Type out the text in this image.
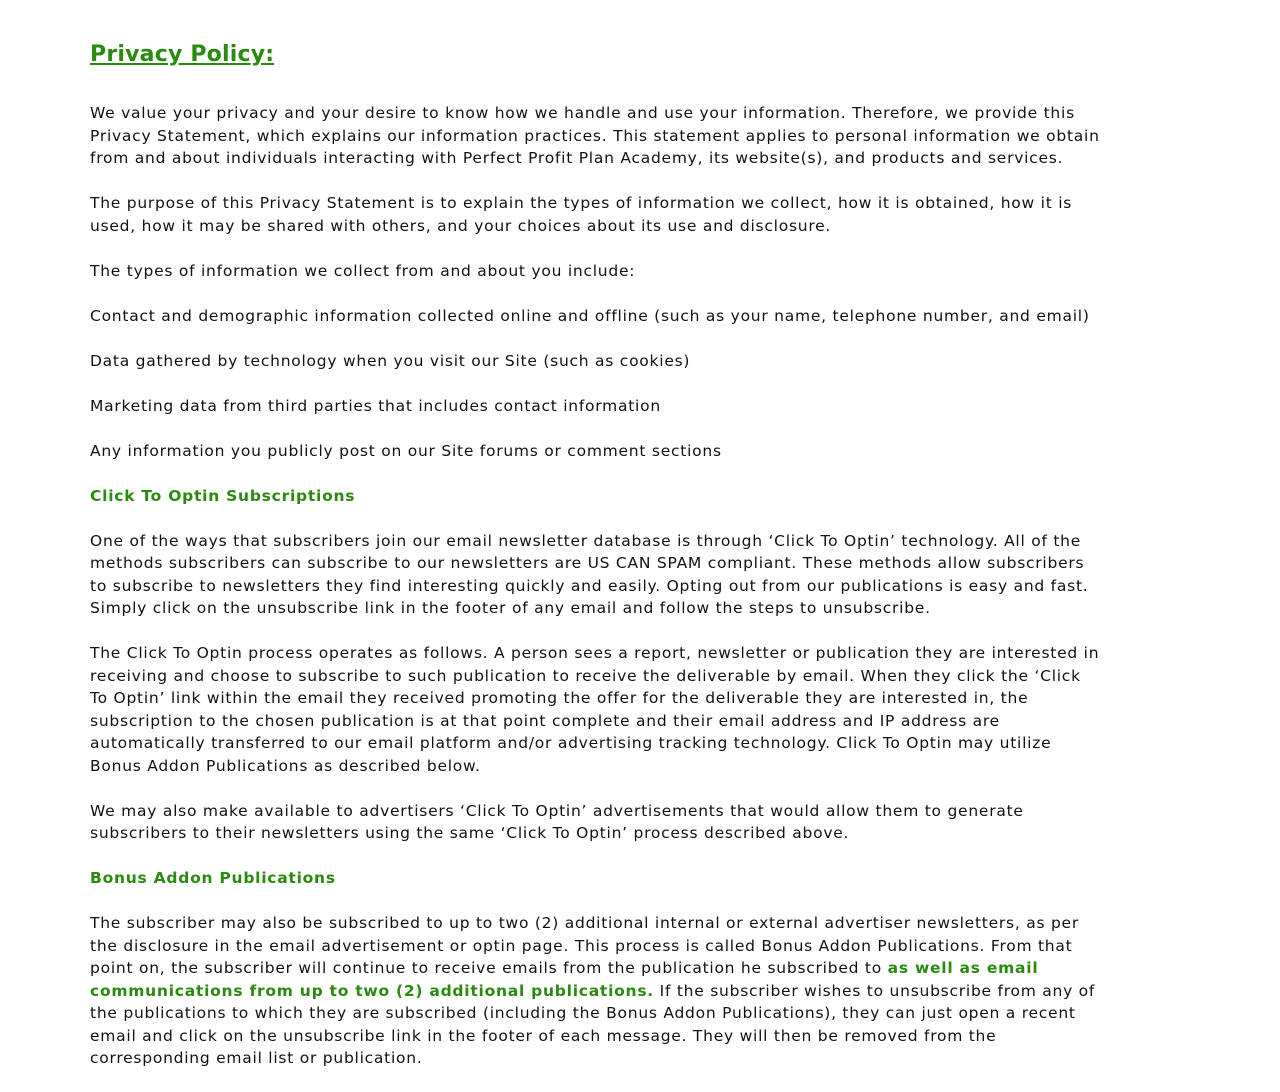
Privacy Policy:

We value your privacy and your desire to know how we handle and use your information. Therefore, we provide this Privacy Statement, which explains our information practices. This statement applies to personal information we obtain from and about individuals interacting with Perfect Profit Plan Academy, its website(s), and products and services.

The purpose of this Privacy Statement is to explain the types of information we collect, how it is obtained, how it is used, how it may be shared with others, and your choices about its use and disclosure.

The types of information we collect from and about you include:

Contact and demographic information collected online and offline (such as your name, telephone number, and email)

Data gathered by technology when you visit our Site (such as cookies)

Marketing data from third parties that includes contact information

Any information you publicly post on our Site forums or comment sections

Click To Optin Subscriptions

One of the ways that subscribers join our email newsletter database is through ‘Click To Optin’ technology. All of the methods subscribers can subscribe to our newsletters are US CAN SPAM compliant. These methods allow subscribers to subscribe to newsletters they find interesting quickly and easily. Opting out from our publications is easy and fast. Simply click on the unsubscribe link in the footer of any email and follow the steps to unsubscribe.

The Click To Optin process operates as follows. A person sees a report, newsletter or publication they are interested in receiving and choose to subscribe to such publication to receive the deliverable by email. When they click the ‘Click To Optin’ link within the email they received promoting the offer for the deliverable they are interested in, the subscription to the chosen publication is at that point complete and their email address and IP address are automatically transferred to our email platform and/or advertising tracking technology. Click To Optin may utilize Bonus Addon Publications as described below.

We may also make available to advertisers ‘Click To Optin’ advertisements that would allow them to generate subscribers to their newsletters using the same ‘Click To Optin’ process described above.

Bonus Addon Publications

The subscriber may also be subscribed to up to two (2) additional internal or external advertiser newsletters, as per the disclosure in the email advertisement or optin page. This process is called Bonus Addon Publications. From that point on, the subscriber will continue to receive emails from the publication he subscribed to as well as email communications from up to two (2) additional publications. If the subscriber wishes to unsubscribe from any of the publications to which they are subscribed (including the Bonus Addon Publications), they can just open a recent email and click on the unsubscribe link in the footer of each message. They will then be removed from the corresponding email list or publication.
